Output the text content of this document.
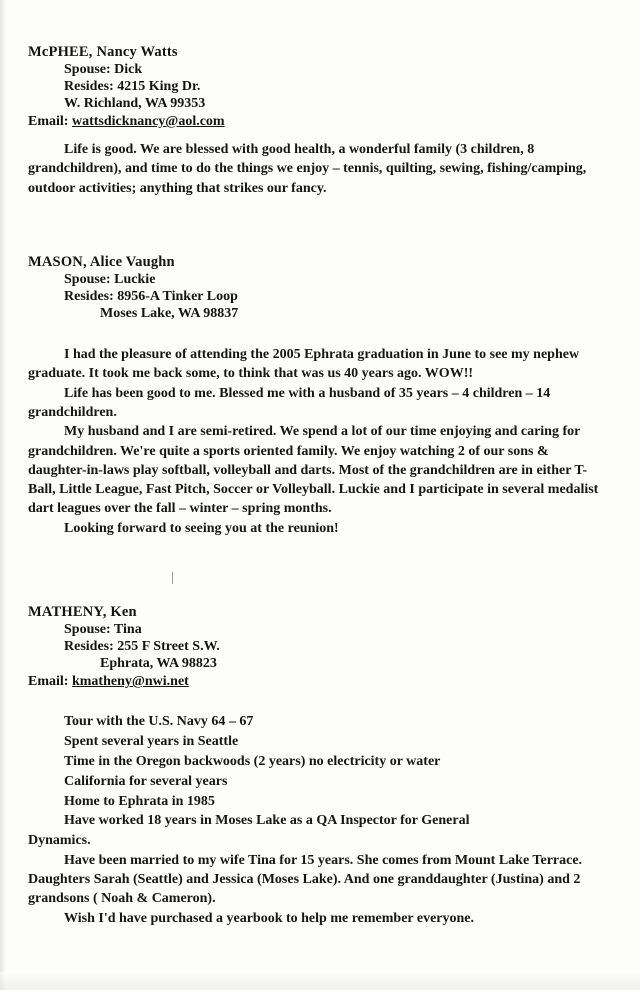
McPHEE, Nancy Watts

Spouse: Dick

Resides: 4215 King Dr.

W. Richland, WA 99353

Email: wattsdicknancy@aol.com

Life is good. We are blessed with good health, a wonderful family (3 children, 8 grandchildren), and time to do the things we enjoy – tennis, quilting, sewing, fishing/camping, outdoor activities; anything that strikes our fancy.

MASON, Alice Vaughn

Spouse: Luckie

Resides: 8956-A Tinker Loop

Moses Lake, WA 98837

I had the pleasure of attending the 2005 Ephrata graduation in June to see my nephew graduate. It took me back some, to think that was us 40 years ago. WOW!!

Life has been good to me. Blessed me with a husband of 35 years – 4 children – 14 grandchildren.

My husband and I are semi-retired. We spend a lot of our time enjoying and caring for grandchildren. We're quite a sports oriented family. We enjoy watching 2 of our sons & daughter-in-laws play softball, volleyball and darts. Most of the grandchildren are in either T-Ball, Little League, Fast Pitch, Soccer or Volleyball. Luckie and I participate in several medalist dart leagues over the fall – winter – spring months.

Looking forward to seeing you at the reunion!

MATHENY, Ken

Spouse: Tina

Resides: 255 F Street S.W.

Ephrata, WA 98823

Email: kmatheny@nwi.net

Tour with the U.S. Navy 64 – 67

Spent several years in Seattle

Time in the Oregon backwoods (2 years) no electricity or water

California for several years

Home to Ephrata in 1985

Have worked 18 years in Moses Lake as a QA Inspector for General

Dynamics.

Have been married to my wife Tina for 15 years. She comes from Mount Lake Terrace. Daughters Sarah (Seattle) and Jessica (Moses Lake). And one granddaughter (Justina) and 2 grandsons ( Noah & Cameron).

Wish I'd have purchased a yearbook to help me remember everyone.
